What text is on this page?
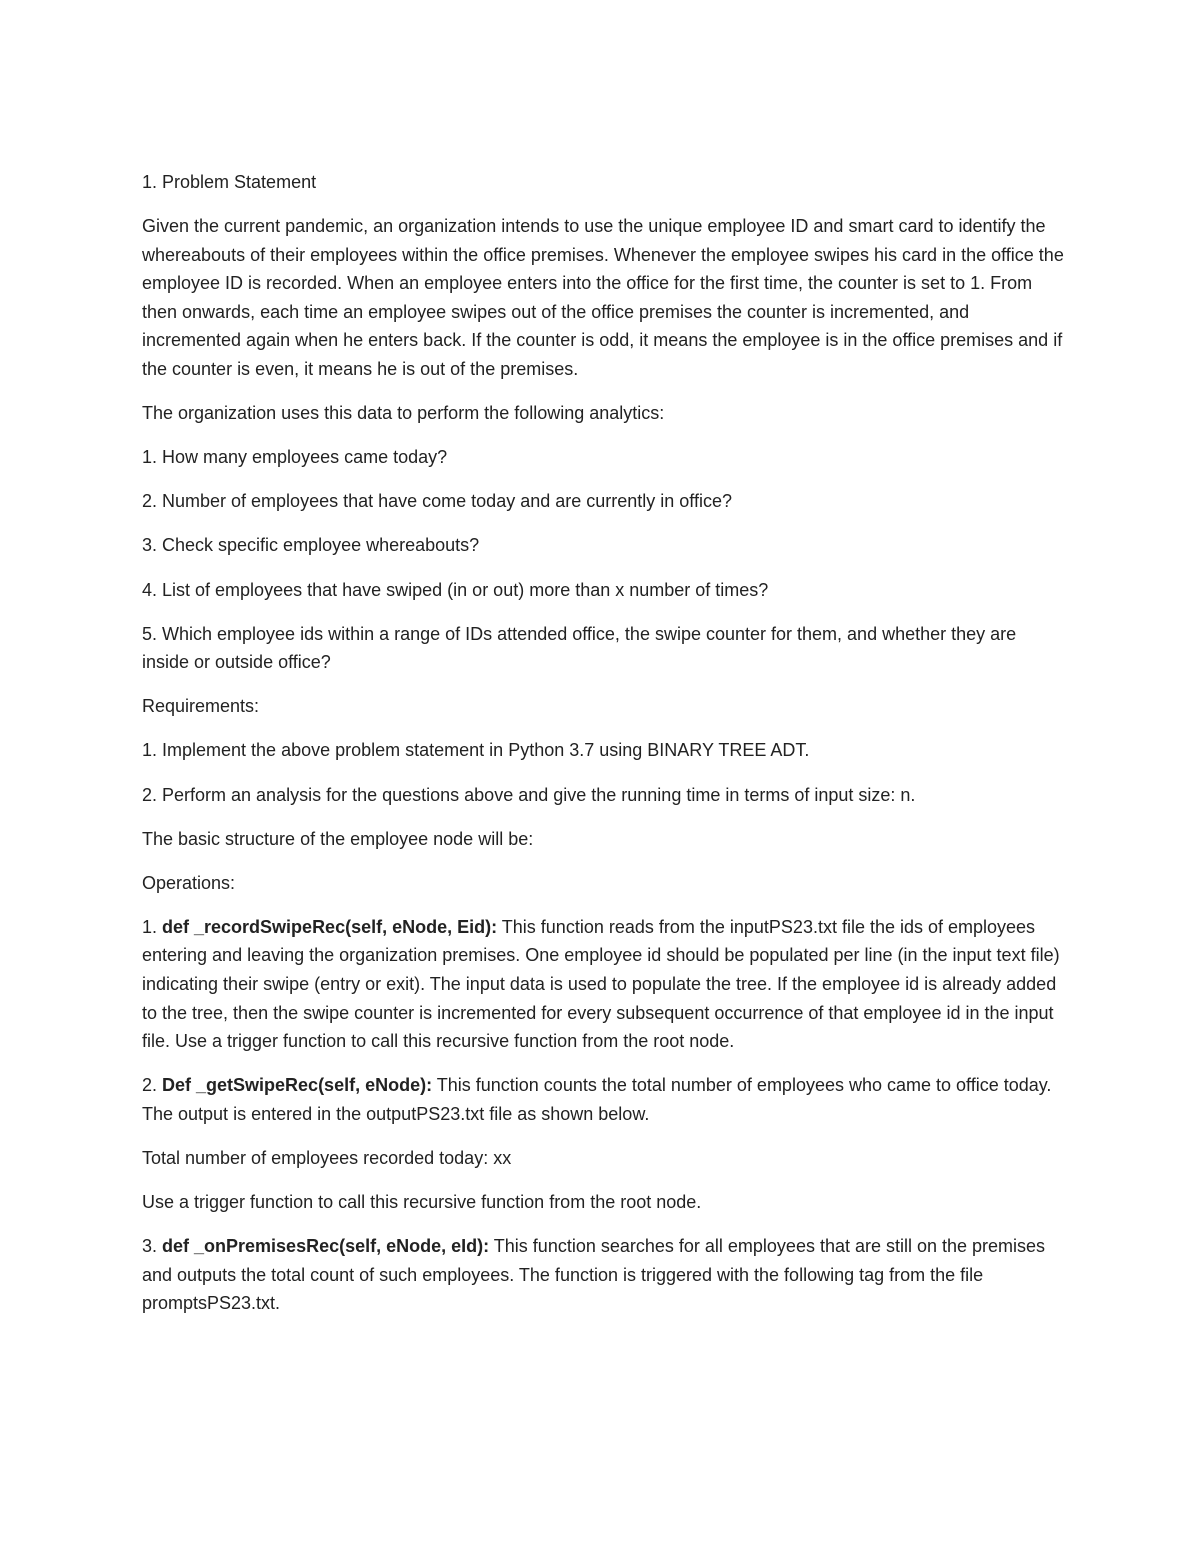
1. Problem Statement

Given the current pandemic, an organization intends to use the unique employee ID and smart card to identify the whereabouts of their employees within the office premises. Whenever the employee swipes his card in the office the employee ID is recorded. When an employee enters into the office for the first time, the counter is set to 1. From then onwards, each time an employee swipes out of the office premises the counter is incremented, and incremented again when he enters back. If the counter is odd, it means the employee is in the office premises and if the counter is even, it means he is out of the premises.

The organization uses this data to perform the following analytics:

1. How many employees came today?

2. Number of employees that have come today and are currently in office?

3. Check specific employee whereabouts?

4. List of employees that have swiped (in or out) more than x number of times?

5. Which employee ids within a range of IDs attended office, the swipe counter for them, and whether they are inside or outside office?

Requirements:

1. Implement the above problem statement in Python 3.7 using BINARY TREE ADT.

2. Perform an analysis for the questions above and give the running time in terms of input size: n.

The basic structure of the employee node will be:

Operations:

1. def _recordSwipeRec(self, eNode, Eid): This function reads from the inputPS23.txt file the ids of employees entering and leaving the organization premises. One employee id should be populated per line (in the input text file) indicating their swipe (entry or exit). The input data is used to populate the tree. If the employee id is already added to the tree, then the swipe counter is incremented for every subsequent occurrence of that employee id in the input file. Use a trigger function to call this recursive function from the root node.

2. Def _getSwipeRec(self, eNode): This function counts the total number of employees who came to office today. The output is entered in the outputPS23.txt file as shown below.

Total number of employees recorded today: xx

Use a trigger function to call this recursive function from the root node.

3. def _onPremisesRec(self, eNode, eId): This function searches for all employees that are still on the premises and outputs the total count of such employees. The function is triggered with the following tag from the file promptsPS23.txt.
